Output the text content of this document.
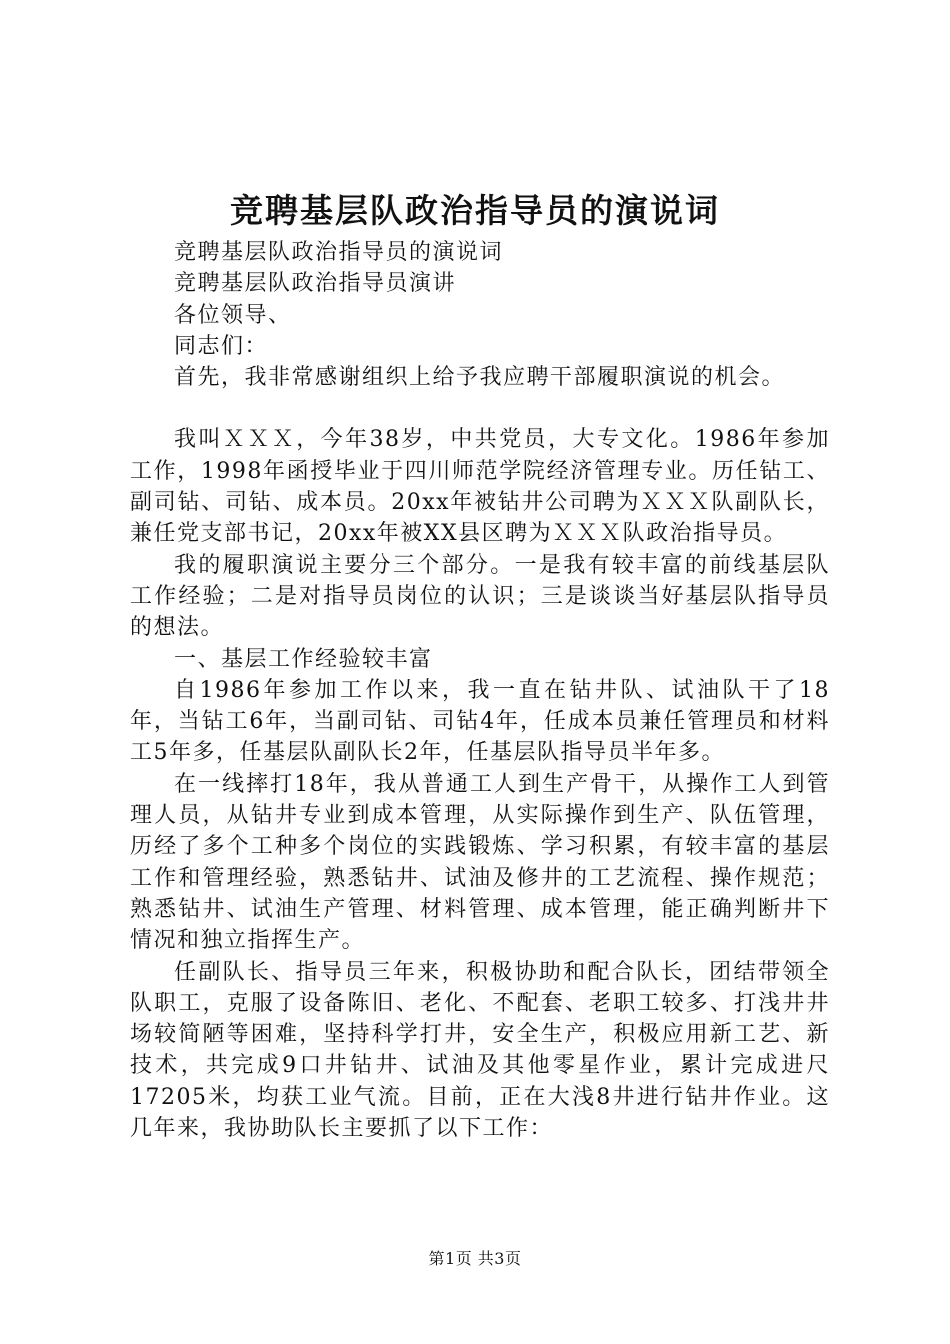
竞聘基层队政治指导员的演说词

竞聘基层队政治指导员的演说词

竞聘基层队政治指导员演讲

各位领导、

同志们：

首先，我非常感谢组织上给予我应聘干部履职演说的机会。

我叫ＸＸＸ，今年38岁，中共党员，大专文化。1986年参加工作，1998年函授毕业于四川师范学院经济管理专业。历任钻工、副司钻、司钻、成本员。20xx年被钻井公司聘为ＸＸＸ队副队长，兼任党支部书记，20xx年被XX县区聘为ＸＸＸ队政治指导员。

我的履职演说主要分三个部分。一是我有较丰富的前线基层队工作经验；二是对指导员岗位的认识；三是谈谈当好基层队指导员的想法。

一、基层工作经验较丰富

自1986年参加工作以来，我一直在钻井队、试油队干了18年，当钻工6年，当副司钻、司钻4年，任成本员兼任管理员和材料工5年多，任基层队副队长2年，任基层队指导员半年多。

在一线摔打18年，我从普通工人到生产骨干，从操作工人到管理人员，从钻井专业到成本管理，从实际操作到生产、队伍管理，历经了多个工种多个岗位的实践锻炼、学习积累，有较丰富的基层工作和管理经验，熟悉钻井、试油及修井的工艺流程、操作规范；熟悉钻井、试油生产管理、材料管理、成本管理，能正确判断井下情况和独立指挥生产。

任副队长、指导员三年来，积极协助和配合队长，团结带领全队职工，克服了设备陈旧、老化、不配套、老职工较多、打浅井井场较简陋等困难，坚持科学打井，安全生产，积极应用新工艺、新技术，共完成9口井钻井、试油及其他零星作业，累计完成进尺17205米，均获工业气流。目前，正在大浅8井进行钻井作业。这几年来，我协助队长主要抓了以下工作：

第1页 共3页
